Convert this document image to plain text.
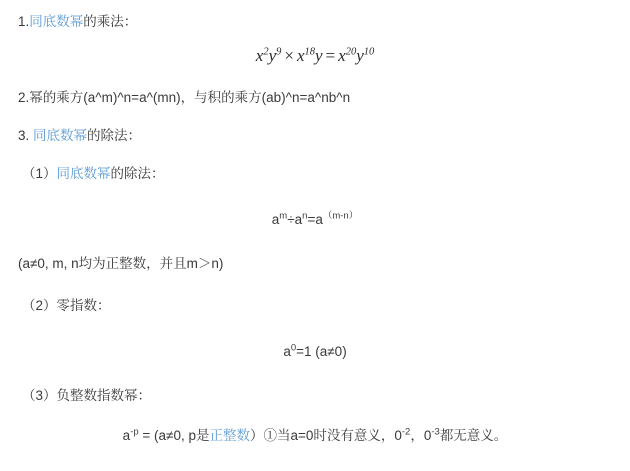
1.同底数幂的乘法：

$x^2y^9 \times x^{18}y = x^{20}y^{10}$

2.幂的乘方(a^m)^n=a^(mn)，与积的乘方(ab)^n=a^nb^n

3. 同底数幂的除法：

（1）同底数幂的除法：

$a^m\div a^n=a^{(m-n)}$

(a≠0, m, n均为正整数，并且m＞n)

（2）零指数：

$a^0=1$ (a≠0)

（3）负整数指数幂：

$a^{-p} = (a\ne 0$, p是正整数）①当a=0时没有意义，$0^{-2}$，$0^{-3}$都无意义。
